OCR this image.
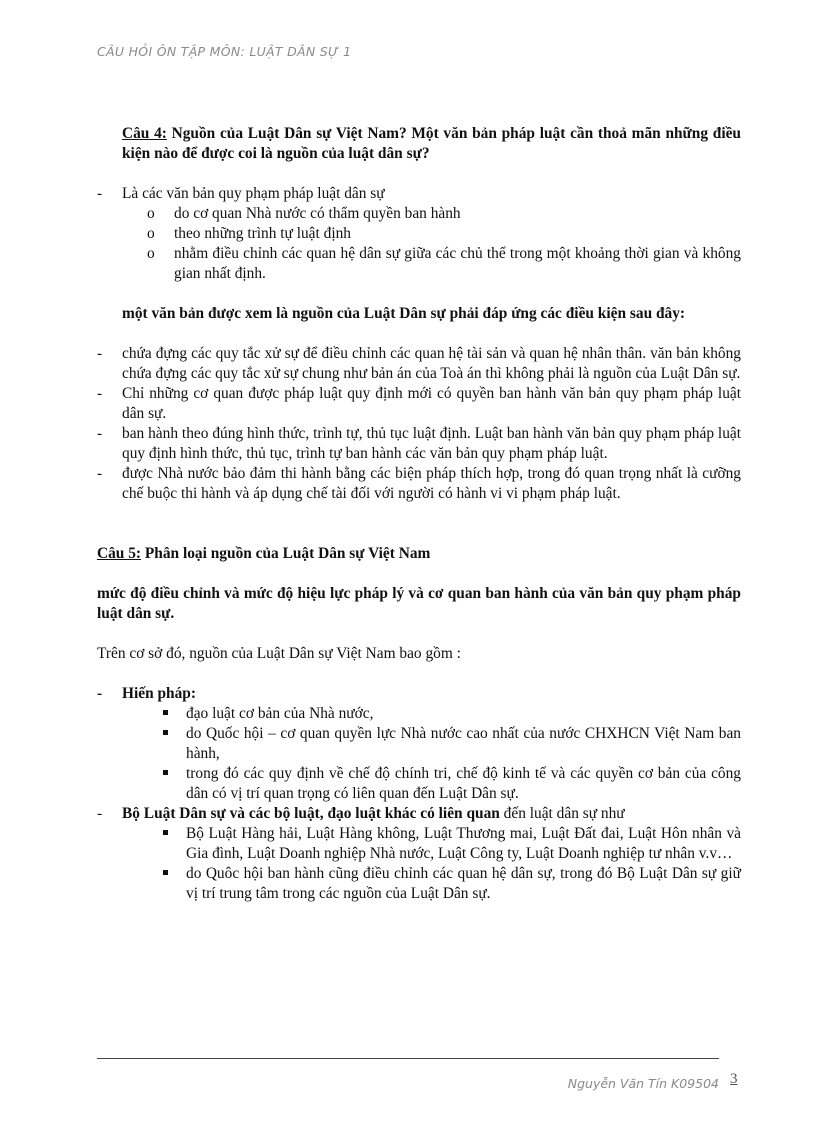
CÂU HỎI ÔN TẬP MÔN: LUẬT DÂN SỰ 1
Câu 4: Nguồn của Luật Dân sự Việt Nam? Một văn bản pháp luật cần thoả mãn những điều kiện nào để được coi là nguồn của luật dân sự?
- Là các văn bản quy phạm pháp luật dân sự
o do cơ quan Nhà nước có thẩm quyền ban hành
o theo những trình tự luật định
o nhằm điều chỉnh các quan hệ dân sự giữa các chủ thể trong một khoảng thời gian và không gian nhất định.
một văn bản được xem là nguồn của Luật Dân sự phải đáp ứng các điều kiện sau đây:
- chứa đựng các quy tắc xử sự để điều chỉnh các quan hệ tài sản và quan hệ nhân thân. văn bản không chứa đựng các quy tắc xử sự chung như bản án của Toà án thì không phải là nguồn của Luật Dân sự.
- Chỉ những cơ quan được pháp luật quy định mới có quyền ban hành văn bản quy phạm pháp luật dân sự.
- ban hành theo đúng hình thức, trình tự, thủ tục luật định. Luật ban hành văn bản quy phạm pháp luật quy định hình thức, thủ tục, trình tự ban hành các văn bản quy phạm pháp luật.
- được Nhà nước bảo đảm thi hành bằng các biện pháp thích hợp, trong đó quan trọng nhất là cưỡng chế buộc thi hành và áp dụng chế tài đối với người có hành vi vi phạm pháp luật.
Câu 5: Phân loại nguồn của Luật Dân sự Việt Nam
mức độ điều chỉnh và mức độ hiệu lực pháp lý và cơ quan ban hành của văn bản quy phạm pháp luật dân sự.
Trên cơ sở đó, nguồn của Luật Dân sự Việt Nam bao gồm :
- Hiến pháp:
đạo luật cơ bản của Nhà nước,
do Quốc hội – cơ quan quyền lực Nhà nước cao nhất của nước CHXHCN Việt Nam ban hành,
trong đó các quy định về chế độ chính tri, chế độ kinh tế và các quyền cơ bản của công dân có vị trí quan trọng có liên quan đến Luật Dân sự.
- Bộ Luật Dân sự và các bộ luật, đạo luật khác có liên quan đến luật dân sự như
Bộ Luật Hàng hải, Luật Hàng không, Luật Thương mai, Luật Đất đai, Luật Hôn nhân và Gia đình, Luật Doanh nghiệp Nhà nước, Luật Công ty, Luật Doanh nghiệp tư nhân v.v…
do Quôc hội ban hành cũng điều chỉnh các quan hệ dân sự, trong đó Bộ Luật Dân sự giữ vị trí trung tâm trong các nguồn của Luật Dân sự.
Nguyễn Văn Tín K09504 3
